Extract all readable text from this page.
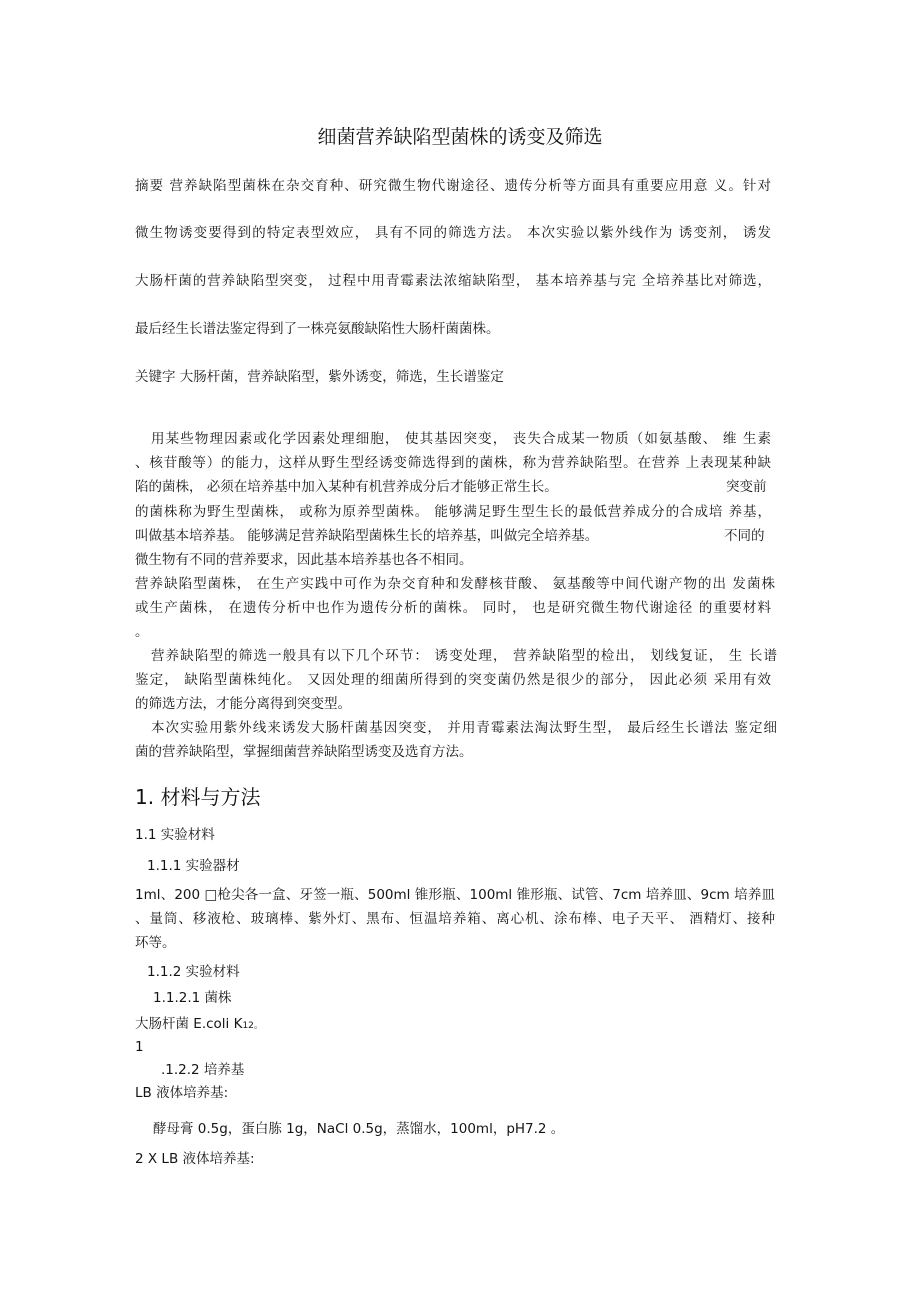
细菌营养缺陷型菌株的诱变及筛选
摘要 营养缺陷型菌株在杂交育种、研究微生物代谢途径、遗传分析等方面具有重要应用意 义。针对
微生物诱变要得到的特定表型效应， 具有不同的筛选方法。 本次实验以紫外线作为 诱变剂， 诱发
大肠杆菌的营养缺陷型突变， 过程中用青霉素法浓缩缺陷型， 基本培养基与完 全培养基比对筛选，
最后经生长谱法鉴定得到了一株亮氨酸缺陷性大肠杆菌菌株。
关键字 大肠杆菌，营养缺陷型，紫外诱变，筛选，生长谱鉴定
用某些物理因素或化学因素处理细胞， 使其基因突变， 丧失合成某一物质（如氨基酸、 维 生素
、核苷酸等）的能力，这样从野生型经诱变筛选得到的菌株，称为营养缺陷型。在营养 上表现某种缺
陷的菌株， 必须在培养基中加入某种有机营养成分后才能够正常生长。	突变前
的菌株称为野生型菌株， 或称为原养型菌株。 能够满足野生型生长的最低营养成分的合成培 养基，
叫做基本培养基。 能够满足营养缺陷型菌株生长的培养基，叫做完全培养基。	不同的
微生物有不同的营养要求，因此基本培养基也各不相同。
营养缺陷型菌株， 在生产实践中可作为杂交育种和发酵核苷酸、 氨基酸等中间代谢产物的出 发菌株
或生产菌株， 在遗传分析中也作为遗传分析的菌株。 同时， 也是研究微生物代谢途径 的重要材料
。
营养缺陷型的筛选一般具有以下几个环节： 诱变处理， 营养缺陷型的检出， 划线复证， 生 长谱
鉴定， 缺陷型菌株纯化。 又因处理的细菌所得到的突变菌仍然是很少的部分， 因此必须 采用有效
的筛选方法，才能分离得到突变型。
本次实验用紫外线来诱发大肠杆菌基因突变， 并用青霉素法淘汰野生型， 最后经生长谱法 鉴定细
菌的营养缺陷型，掌握细菌营养缺陷型诱变及选育方法。
1. 材料与方法
1.1 实验材料
1.1.1 实验器材
1ml、200 □枪尖各一盒、牙签一瓶、500ml 锥形瓶、100ml 锥形瓶、试管、7cm 培养皿、9cm 培养皿
、量筒、移液枪、玻璃棒、紫外灯、黑布、恒温培养箱、离心机、涂布棒、电子天平、 酒精灯、接种
环等。
1.1.2 实验材料
1.1.2.1 菌株
大肠杆菌 E.coli K12。
1
.1.2.2 培养基
LB 液体培养基:
酵母膏 0.5g，蛋白胨 1g，NaCl 0.5g，蒸馏水，100ml，pH7.2 。
2 X LB 液体培养基:
